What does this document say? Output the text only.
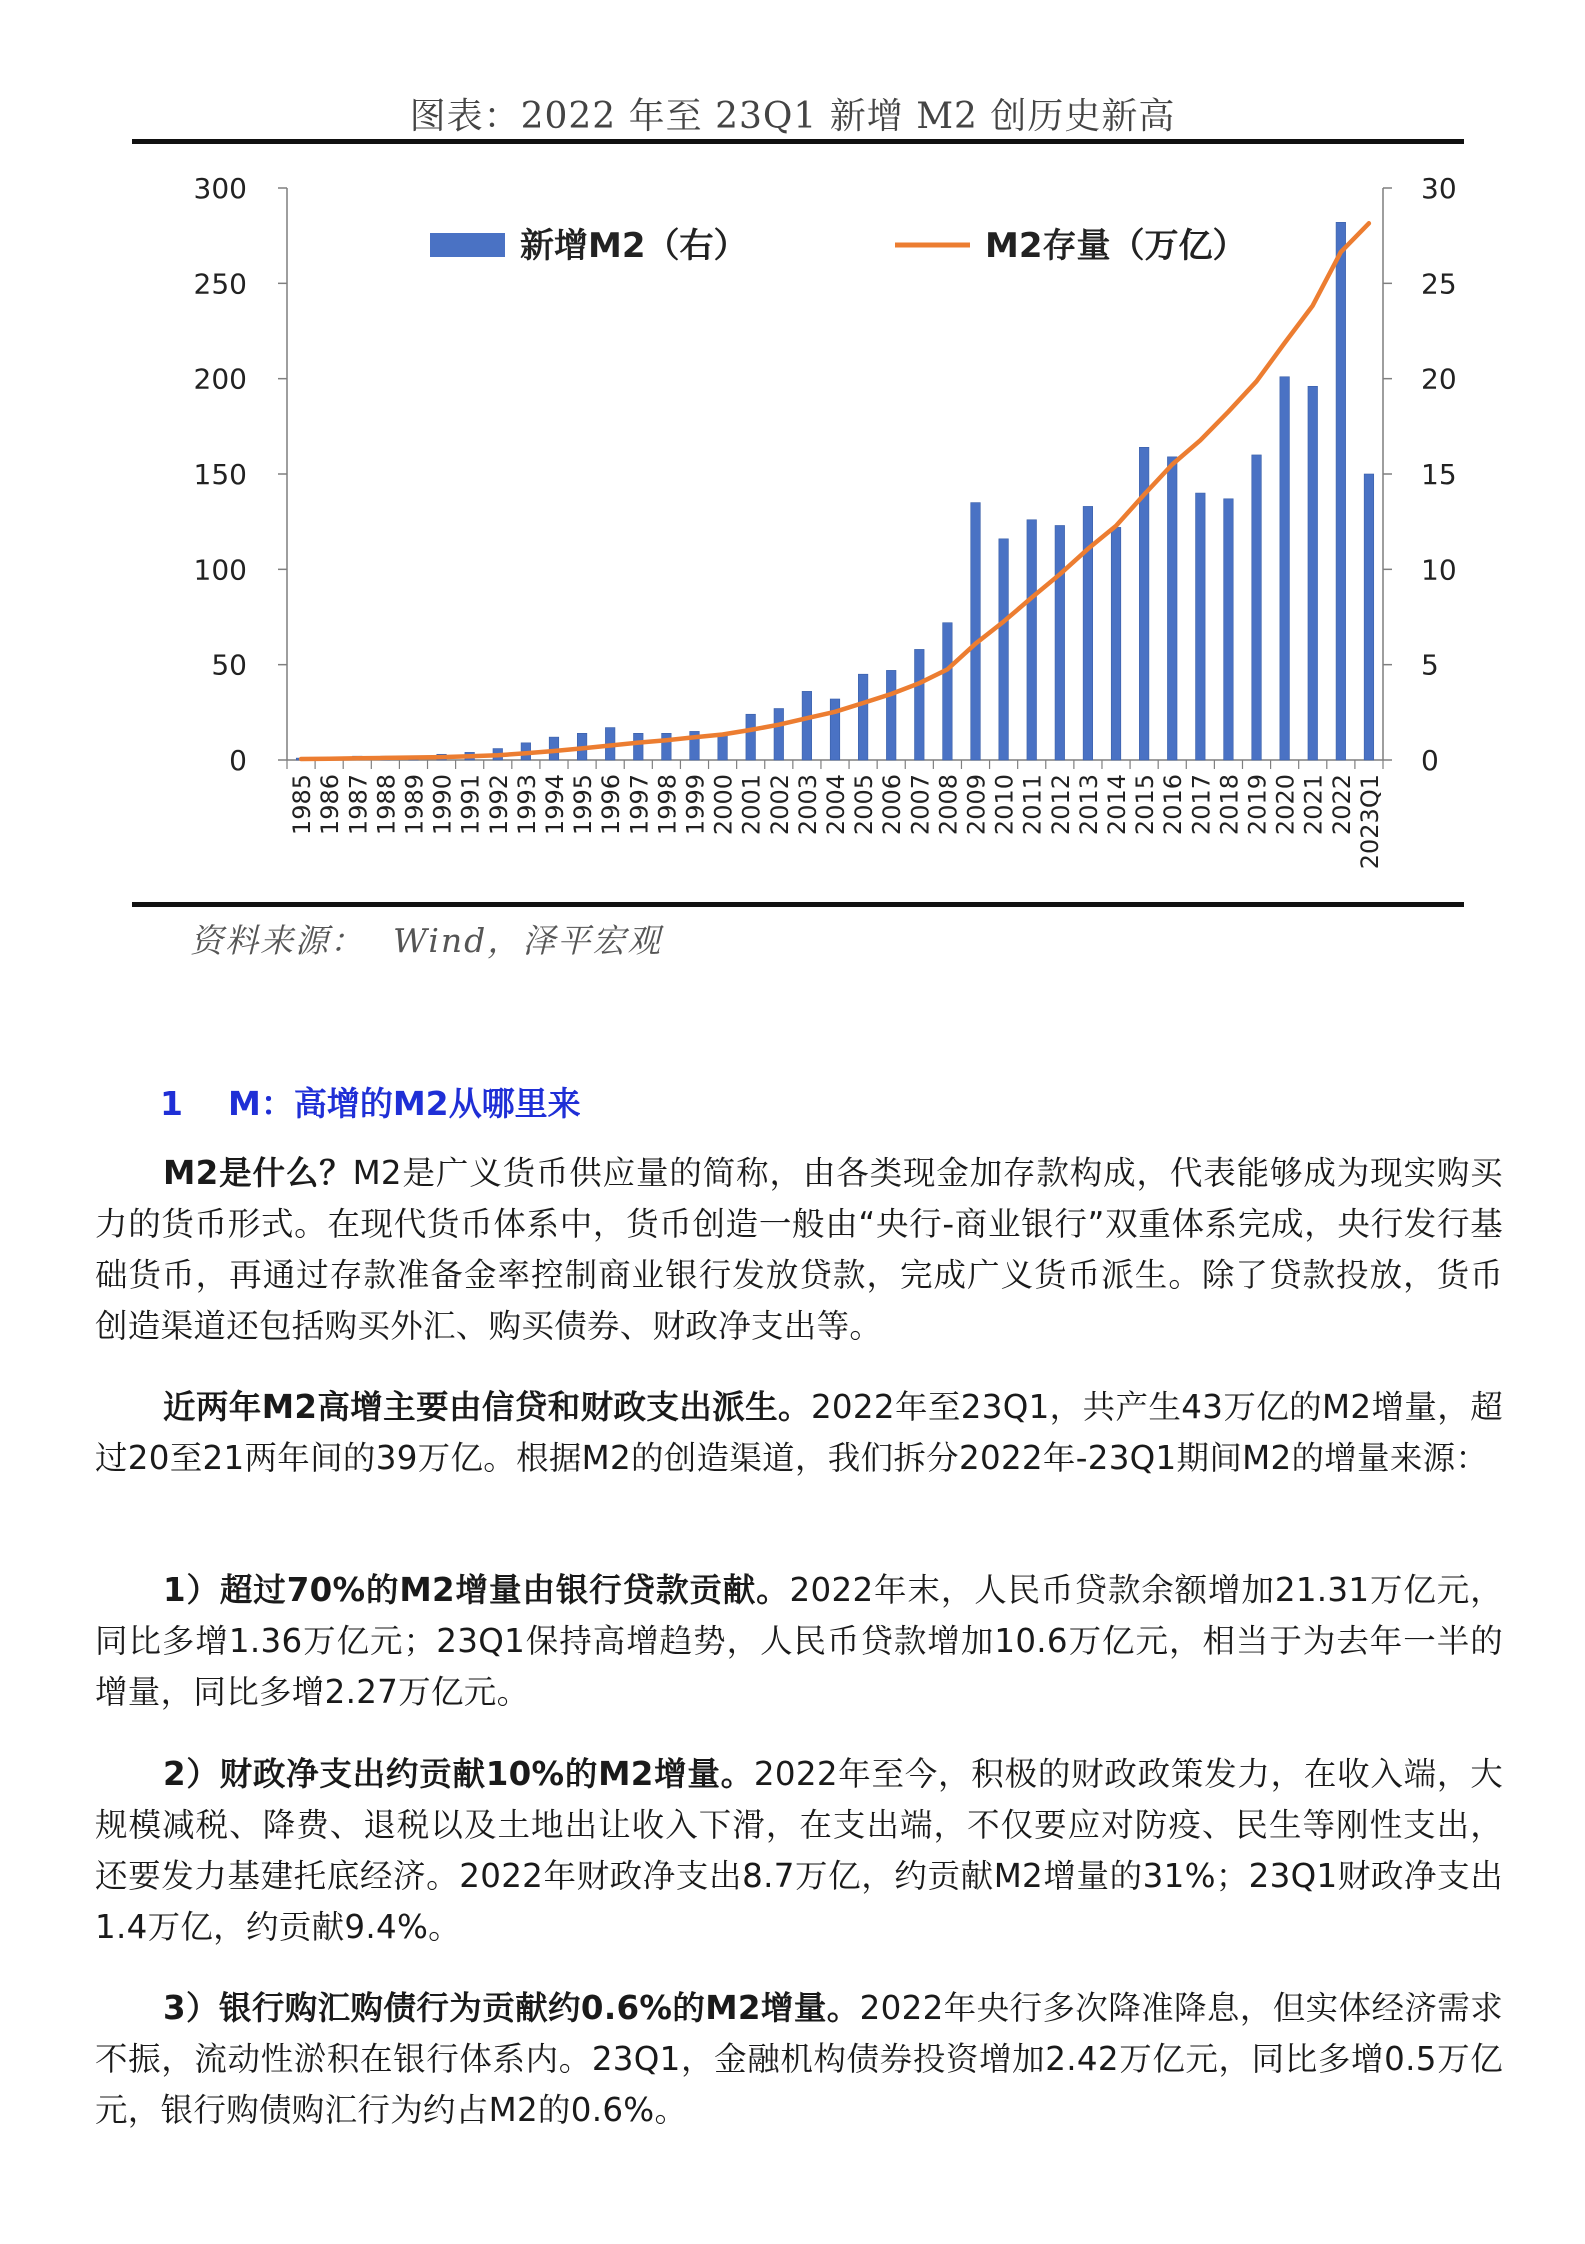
图表：2022 年至 23Q1 新增 M2 创历史新高
0
50
100
150
200
250
300
0
5
10
15
20
25
30
1985 1986 1987 1988 1989 1990 1991 1992 1993 1994 1995 1996 1997 1998 1999 2000 2001 2002 2003 2004 2005 2006 2007 2008 2009 2010 2011 2012 2013 2014 2015 2016 2017 2018 2019 2020 2021 2022 2023Q1
新增M2（右）	M2存量（万亿）
资料来源： Wind，泽平宏观
1 M：高增的M2从哪里来

M2是什么？M2是广义货币供应量的简称，由各类现金加存款构成，代表能够成为现实购买力的货币形式。在现代货币体系中，货币创造一般由“央行-商业银行”双重体系完成，央行发行基础货币，再通过存款准备金率控制商业银行发放贷款，完成广义货币派生。除了贷款投放，货币创造渠道还包括购买外汇、购买债券、财政净支出等。

近两年M2高增主要由信贷和财政支出派生。2022年至23Q1，共产生43万亿的M2增量，超过20至21两年间的39万亿。根据M2的创造渠道，我们拆分2022年-23Q1期间M2的增量来源：

1）超过70%的M2增量由银行贷款贡献。2022年末，人民币贷款余额增加21.31万亿元，同比多增1.36万亿元；23Q1保持高增趋势，人民币贷款增加10.6万亿元，相当于为去年一半的增量，同比多增2.27万亿元。

2）财政净支出约贡献10%的M2增量。2022年至今，积极的财政政策发力，在收入端，大规模减税、降费、退税以及土地出让收入下滑，在支出端，不仅要应对防疫、民生等刚性支出，还要发力基建托底经济。2022年财政净支出8.7万亿，约贡献M2增量的31%；23Q1财政净支出1.4万亿，约贡献9.4%。

3）银行购汇购债行为贡献约0.6%的M2增量。2022年央行多次降准降息，但实体经济需求不振，流动性淤积在银行体系内。23Q1，金融机构债券投资增加2.42万亿元，同比多增0.5万亿元，银行购债购汇行为约占M2的0.6%。
